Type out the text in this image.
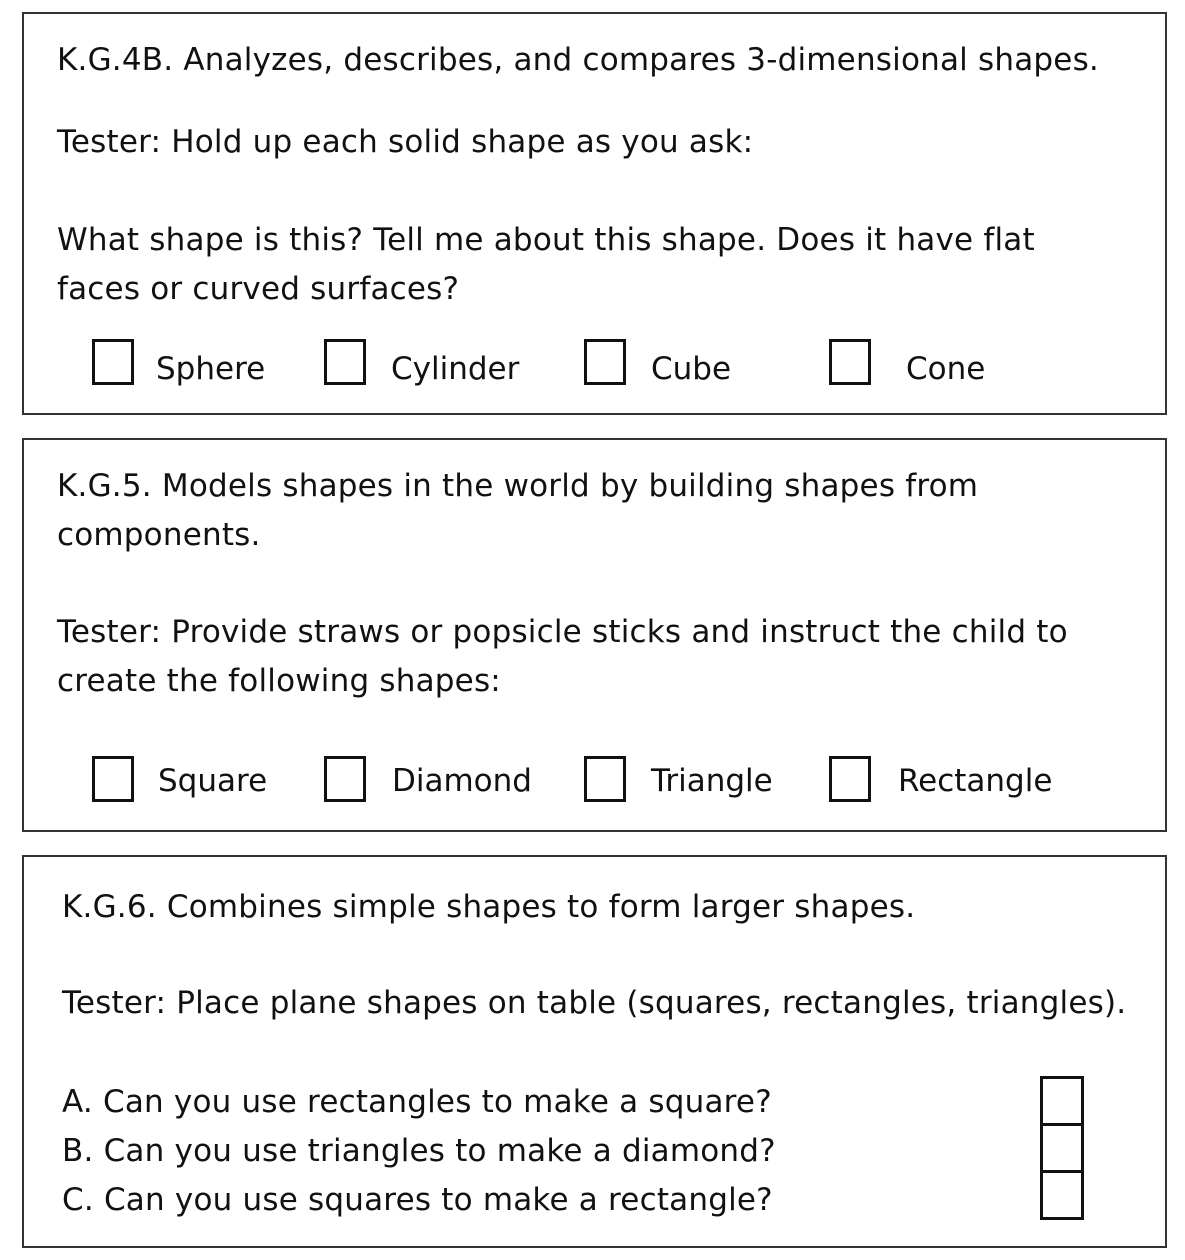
K.G.4B. Analyzes, describes, and compares 3-dimensional shapes.
Tester: Hold up each solid shape as you ask:
What shape is this? Tell me about this shape. Does it have flat
faces or curved surfaces?
Sphere	Cylinder	Cube	Cone
K.G.5. Models shapes in the world by building shapes from
components.
Tester: Provide straws or popsicle sticks and instruct the child to
create the following shapes:
Square	Diamond	Triangle	Rectangle
K.G.6. Combines simple shapes to form larger shapes.
Tester: Place plane shapes on table (squares, rectangles, triangles).
A. Can you use rectangles to make a square?
B. Can you use triangles to make a diamond?
C. Can you use squares to make a rectangle?
